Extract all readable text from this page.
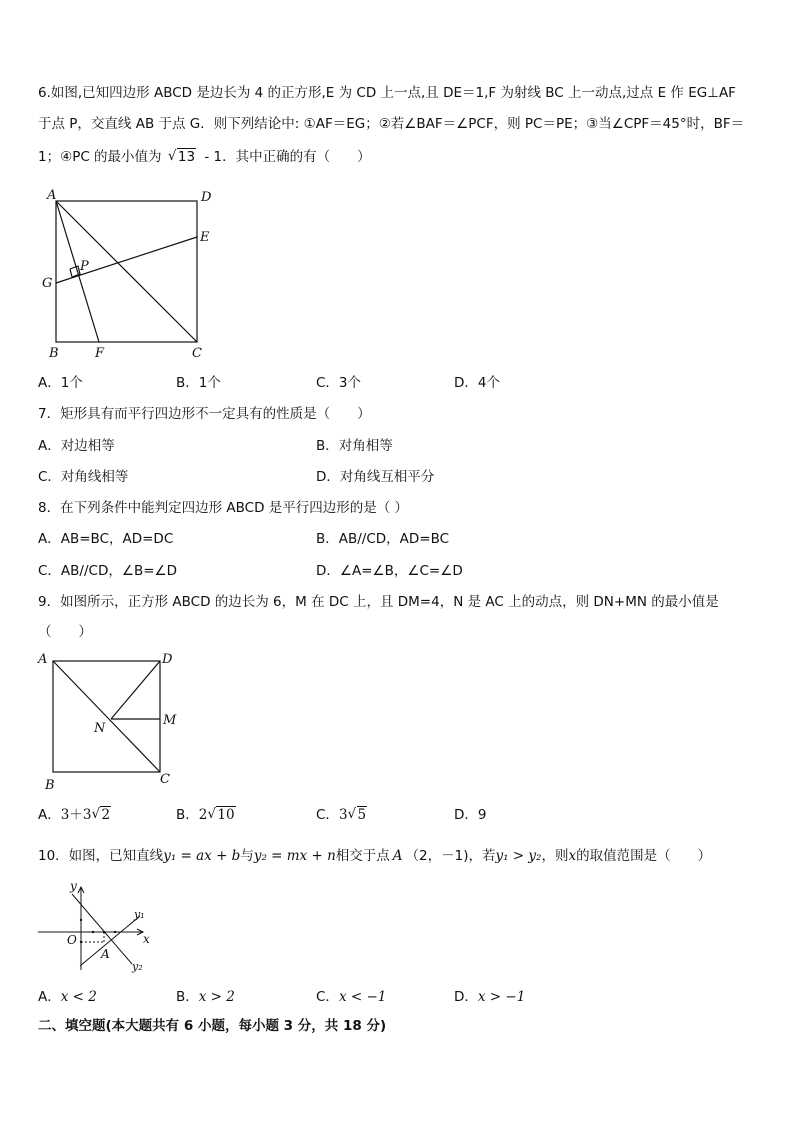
6.如图,已知四边形 ABCD 是边长为 4 的正方形,E 为 CD 上一点,且 DE＝1,F 为射线 BC 上一动点,过点 E 作 EG⊥AF
于点 P，交直线 AB 于点 G．则下列结论中: ①AF＝EG；②若∠BAF＝∠PCF，则 PC＝PE；③当∠CPF＝45°时，BF＝
1；④PC 的最小值为 √ 13 - 1．其中正确的有（　　）
A	D
E
P
G
B	F	C
A．1个	B．1个	C．3个	D．4个
7．矩形具有而平行四边形不一定具有的性质是（　　）
A．对边相等	B．对角相等
C．对角线相等	D．对角线互相平分
8．在下列条件中能判定四边形 ABCD 是平行四边形的是（ ）
A．AB=BC，AD=DC	B．AB//CD，AD=BC
C．AB//CD，∠B=∠D	D．∠A=∠B，∠C=∠D
9．如图所示，正方形 ABCD 的边长为 6，M 在 DC 上，且 DM=4，N 是 AC 上的动点，则 DN+MN 的最小值是
（　　）
A	D
M
N
B	C
A．3＋3 √ 2	B．2 √ 10	C．3 √ 5	D．9
10．如图，已知直线y₁ = ax + b与y₂ = mx + n相交于点 A （2，－1)，若y₁ > y₂，则x的取值范围是（　　）
y
x
O
A
y₁
y₂
A．x < 2	B．x > 2	C．x < −1	D．x > −1
二、填空题(本大题共有 6 小题，每小题 3 分，共 18 分)
